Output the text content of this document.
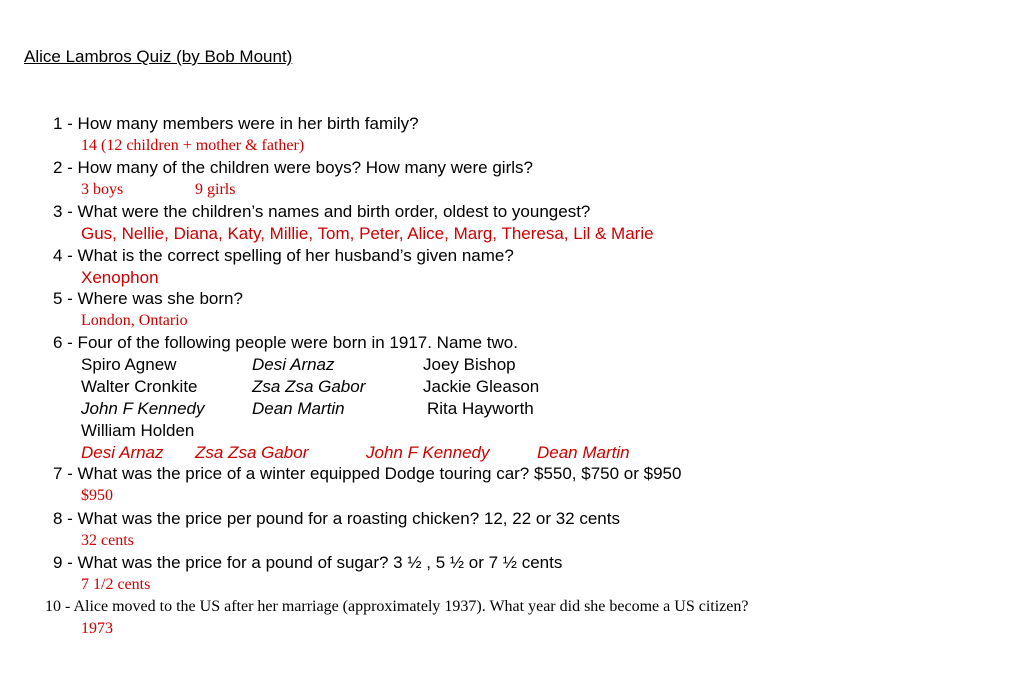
Alice Lambros Quiz (by Bob Mount)
1 - How many members were in her birth family?
14 (12 children + mother & father)
2 - How many of the children were boys? How many were girls?
3 boys	9 girls
3 - What were the children’s names and birth order, oldest to youngest?
Gus, Nellie, Diana, Katy, Millie, Tom, Peter, Alice, Marg, Theresa, Lil & Marie
4 - What is the correct spelling of her husband’s given name?
Xenophon
5 - Where was she born?
London, Ontario
6 - Four of the following people were born in 1917. Name two.
Spiro Agnew	Desi Arnaz	Joey Bishop
Walter Cronkite	Zsa Zsa Gabor	Jackie Gleason
John F Kennedy	Dean Martin	Rita Hayworth
William Holden
Desi Arnaz Zsa Zsa Gabor	John F Kennedy	Dean Martin
7 - What was the price of a winter equipped Dodge touring car? $550, $750 or $950
$950
8 - What was the price per pound for a roasting chicken? 12, 22 or 32 cents
32 cents
9 - What was the price for a pound of sugar? 3 ½ , 5 ½ or 7 ½ cents
7 1/2 cents
10 - Alice moved to the US after her marriage (approximately 1937). What year did she become a US citizen?
1973
